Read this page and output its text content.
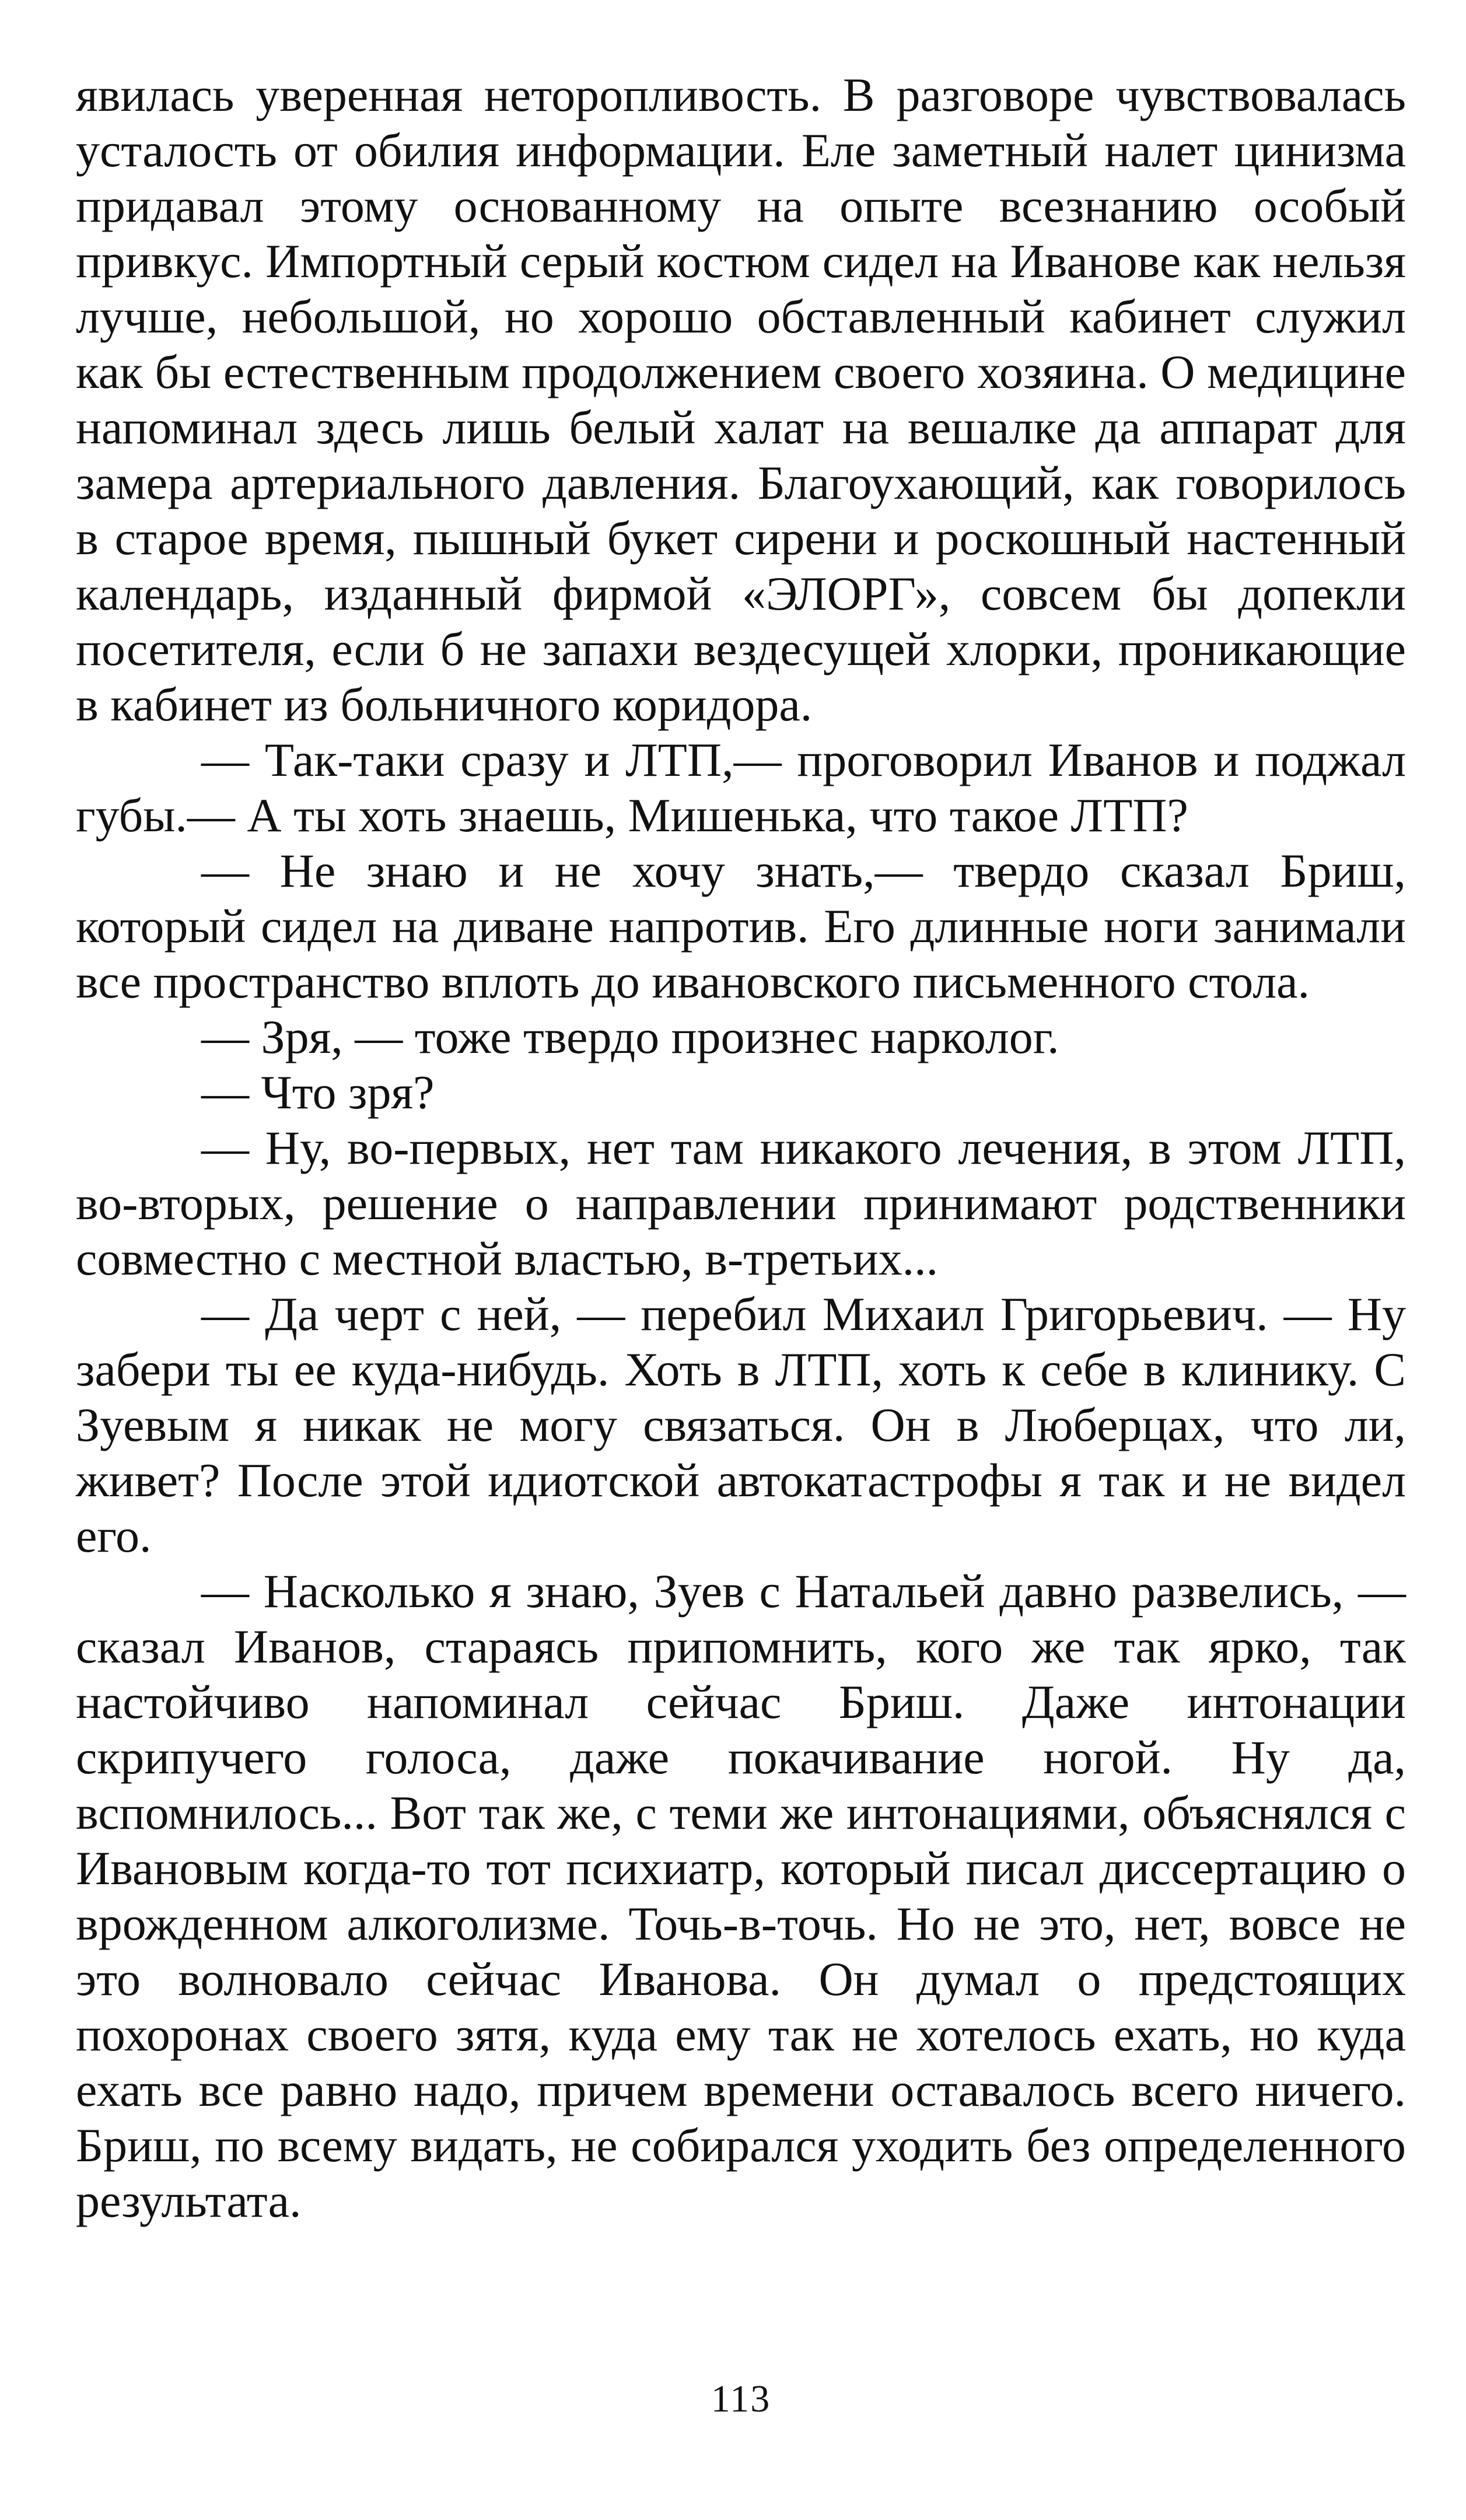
явилась уверенная неторопливость. В разговоре чувствовалась усталость от обилия информации. Еле заметный налет цинизма придавал этому основанному на опыте всезнанию особый привкус. Импортный серый костюм сидел на Иванове как нельзя лучше, небольшой, но хорошо обставленный кабинет служил как бы естественным продолжением своего хозяина. О медицине напоминал здесь лишь белый халат на вешалке да аппарат для замера артериального давления. Благоухающий, как говорилось в старое время, пышный букет сирени и роскошный настенный календарь, изданный фирмой «ЭЛОРГ», совсем бы допекли посетителя, если б не запахи вездесущей хлорки, проникающие в кабинет из больничного коридора.

— Так-таки сразу и ЛТП,— проговорил Иванов и поджал губы.— А ты хоть знаешь, Мишенька, что такое ЛТП?

— Не знаю и не хочу знать,— твердо сказал Бриш, который сидел на диване напротив. Его длинные ноги занимали все пространство вплоть до ивановского письменного стола.

— Зря, — тоже твердо произнес нарколог.

— Что зря?

— Ну, во-первых, нет там никакого лечения, в этом ЛТП, во-вторых, решение о направлении принимают родственники совместно с местной властью, в-третьих...

— Да черт с ней, — перебил Михаил Григорьевич. — Ну забери ты ее куда-нибудь. Хоть в ЛТП, хоть к себе в клинику. С Зуевым я никак не могу связаться. Он в Люберцах, что ли, живет? После этой идиотской автокатастрофы я так и не видел его.

— Насколько я знаю, Зуев с Натальей давно развелись, — сказал Иванов, стараясь припомнить, кого же так ярко, так настойчиво напоминал сейчас Бриш. Даже интонации скрипучего голоса, даже покачивание ногой. Ну да, вспомнилось... Вот так же, с теми же интонациями, объяснялся с Ивановым когда-то тот психиатр, который писал диссертацию о врожденном алкоголизме. Точь-в-точь. Но не это, нет, вовсе не это волновало сейчас Иванова. Он думал о предстоящих похоронах своего зятя, куда ему так не хотелось ехать, но куда ехать все равно надо, причем времени оставалось всего ничего. Бриш, по всему видать, не собирался уходить без определенного результата.

113
